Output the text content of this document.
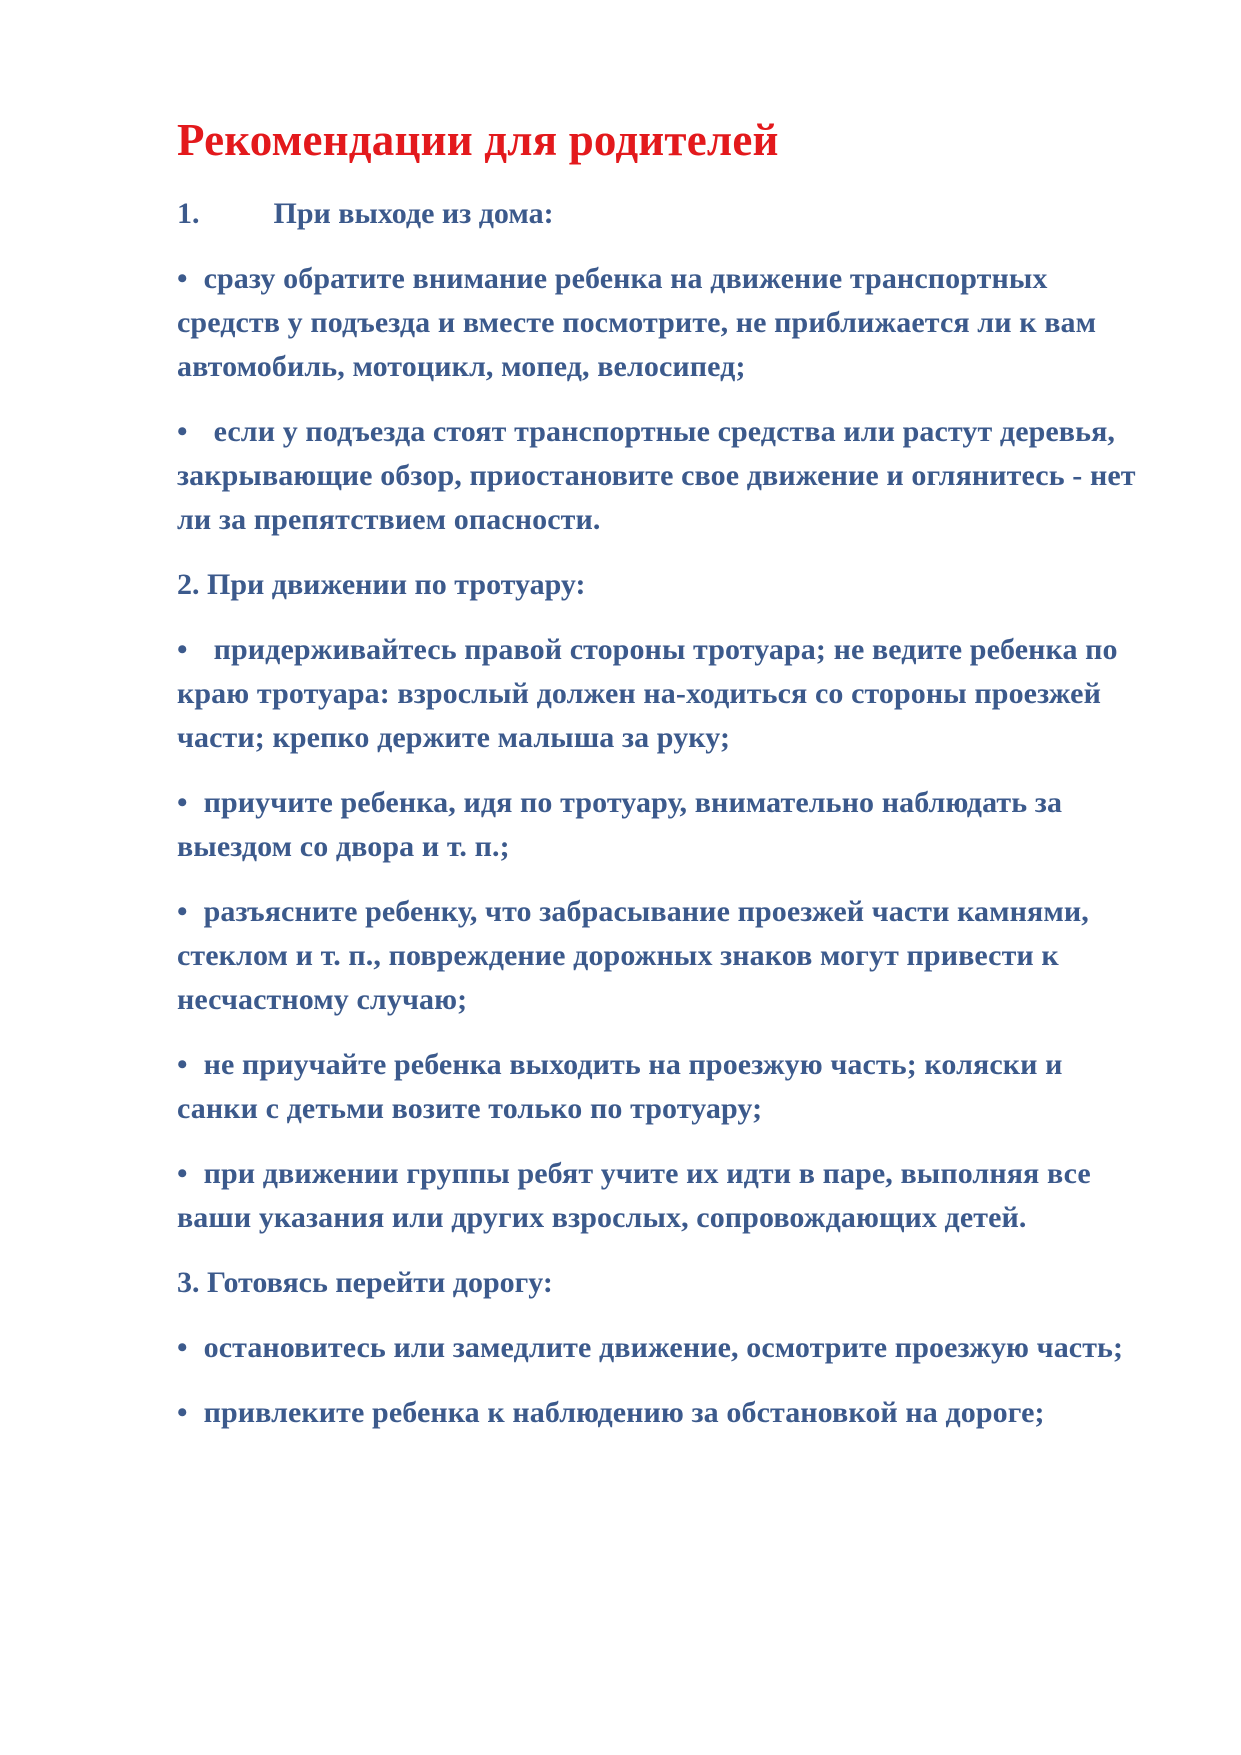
Рекомендации для родителей
1. При выходе из дома:

• сразу обратите внимание ребенка на движение транспортных средств у подъезда и вместе посмотрите, не приближается ли к вам автомобиль, мотоцикл, мопед, велосипед;

• если у подъезда стоят транспортные средства или растут деревья, закрывающие обзор, приостановите свое движение и оглянитесь - нет ли за препятствием опасности.

2. При движении по тротуару:

• придерживайтесь правой стороны тротуара; не ведите ребенка по краю тротуара: взрослый должен на-ходиться со стороны проезжей части; крепко держите малыша за руку;

• приучите ребенка, идя по тротуару, внимательно наблюдать за выездом со двора и т. п.;

• разъясните ребенку, что забрасывание проезжей части камнями, стеклом и т. п., повреждение дорожных знаков могут привести к несчастному случаю;

• не приучайте ребенка выходить на проезжую часть; коляски и санки с детьми возите только по тротуару;

• при движении группы ребят учите их идти в паре, выполняя все ваши указания или других взрослых, сопровождающих детей.

3. Готовясь перейти дорогу:

• остановитесь или замедлите движение, осмотрите проезжую часть;

• привлеките ребенка к наблюдению за обстановкой на дороге;
